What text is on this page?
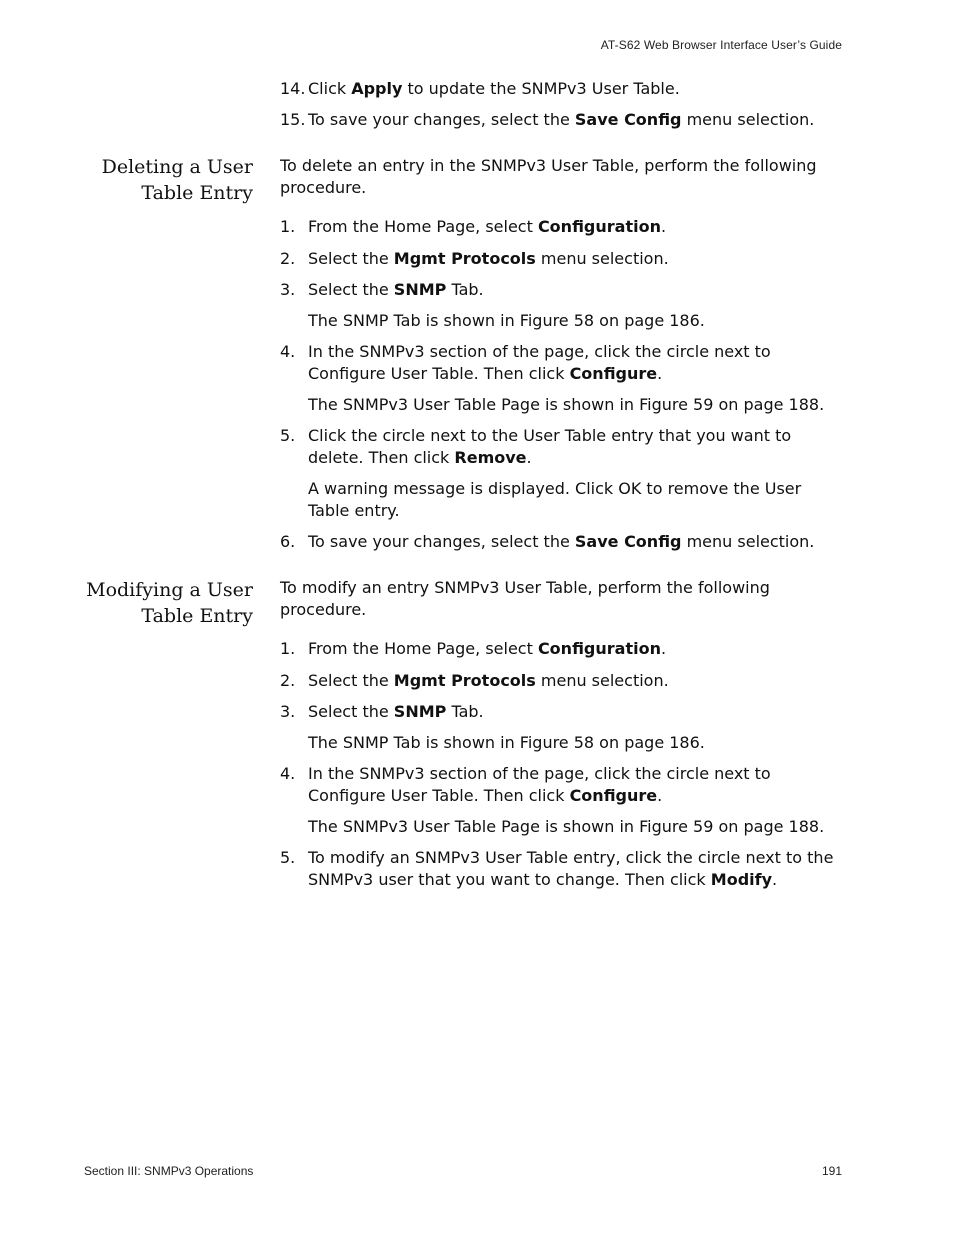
AT-S62 Web Browser Interface User’s Guide
Deleting a User
Table Entry
Modifying a User
Table Entry

14. Click Apply to update the SNMPv3 User Table.

15. To save your changes, select the Save Config menu selection.

To delete an entry in the SNMPv3 User Table, perform the following procedure.

1. From the Home Page, select Configuration.

2. Select the Mgmt Protocols menu selection.

3. Select the SNMP Tab.

The SNMP Tab is shown in Figure 58 on page 186.

4. In the SNMPv3 section of the page, click the circle next to Configure User Table. Then click Configure.

The SNMPv3 User Table Page is shown in Figure 59 on page 188.

5. Click the circle next to the User Table entry that you want to delete. Then click Remove.

A warning message is displayed. Click OK to remove the User Table entry.

6. To save your changes, select the Save Config menu selection.

To modify an entry SNMPv3 User Table, perform the following procedure.

1. From the Home Page, select Configuration.

2. Select the Mgmt Protocols menu selection.

3. Select the SNMP Tab.

The SNMP Tab is shown in Figure 58 on page 186.

4. In the SNMPv3 section of the page, click the circle next to Configure User Table. Then click Configure.

The SNMPv3 User Table Page is shown in Figure 59 on page 188.

5. To modify an SNMPv3 User Table entry, click the circle next to the SNMPv3 user that you want to change. Then click Modify.

Section III: SNMPv3 Operations	191
